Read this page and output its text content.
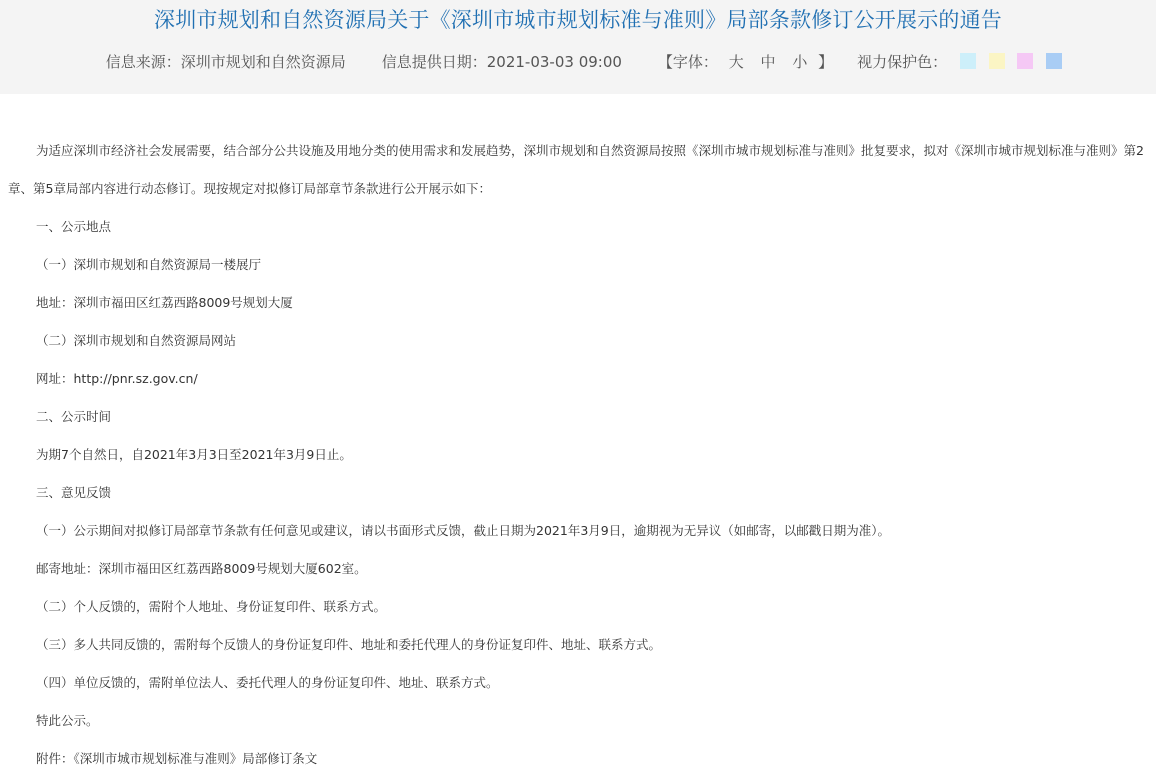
深圳市规划和自然资源局关于《深圳市城市规划标准与准则》局部条款修订公开展示的通告
信息来源：深圳市规划和自然资源局 信息提供日期：2021-03-03 09:00 【字体： 大 中 小 】 视力保护色：

为适应深圳市经济社会发展需要，结合部分公共设施及用地分类的使用需求和发展趋势，深圳市规划和自然资源局按照《深圳市城市规划标准与准则》批复要求，拟对《深圳市城市规划标准与准则》第2章、第5章局部内容进行动态修订。现按规定对拟修订局部章节条款进行公开展示如下：

一、公示地点

（一）深圳市规划和自然资源局一楼展厅

地址：深圳市福田区红荔西路8009号规划大厦

（二）深圳市规划和自然资源局网站

网址：http://pnr.sz.gov.cn/

二、公示时间

为期7个自然日，自2021年3月3日至2021年3月9日止。

三、意见反馈

（一）公示期间对拟修订局部章节条款有任何意见或建议，请以书面形式反馈，截止日期为2021年3月9日，逾期视为无异议（如邮寄，以邮戳日期为准）。

邮寄地址：深圳市福田区红荔西路8009号规划大厦602室。

（二）个人反馈的，需附个人地址、身份证复印件、联系方式。

（三）多人共同反馈的，需附每个反馈人的身份证复印件、地址和委托代理人的身份证复印件、地址、联系方式。

（四）单位反馈的，需附单位法人、委托代理人的身份证复印件、地址、联系方式。

特此公示。

附件：《深圳市城市规划标准与准则》局部修订条文
